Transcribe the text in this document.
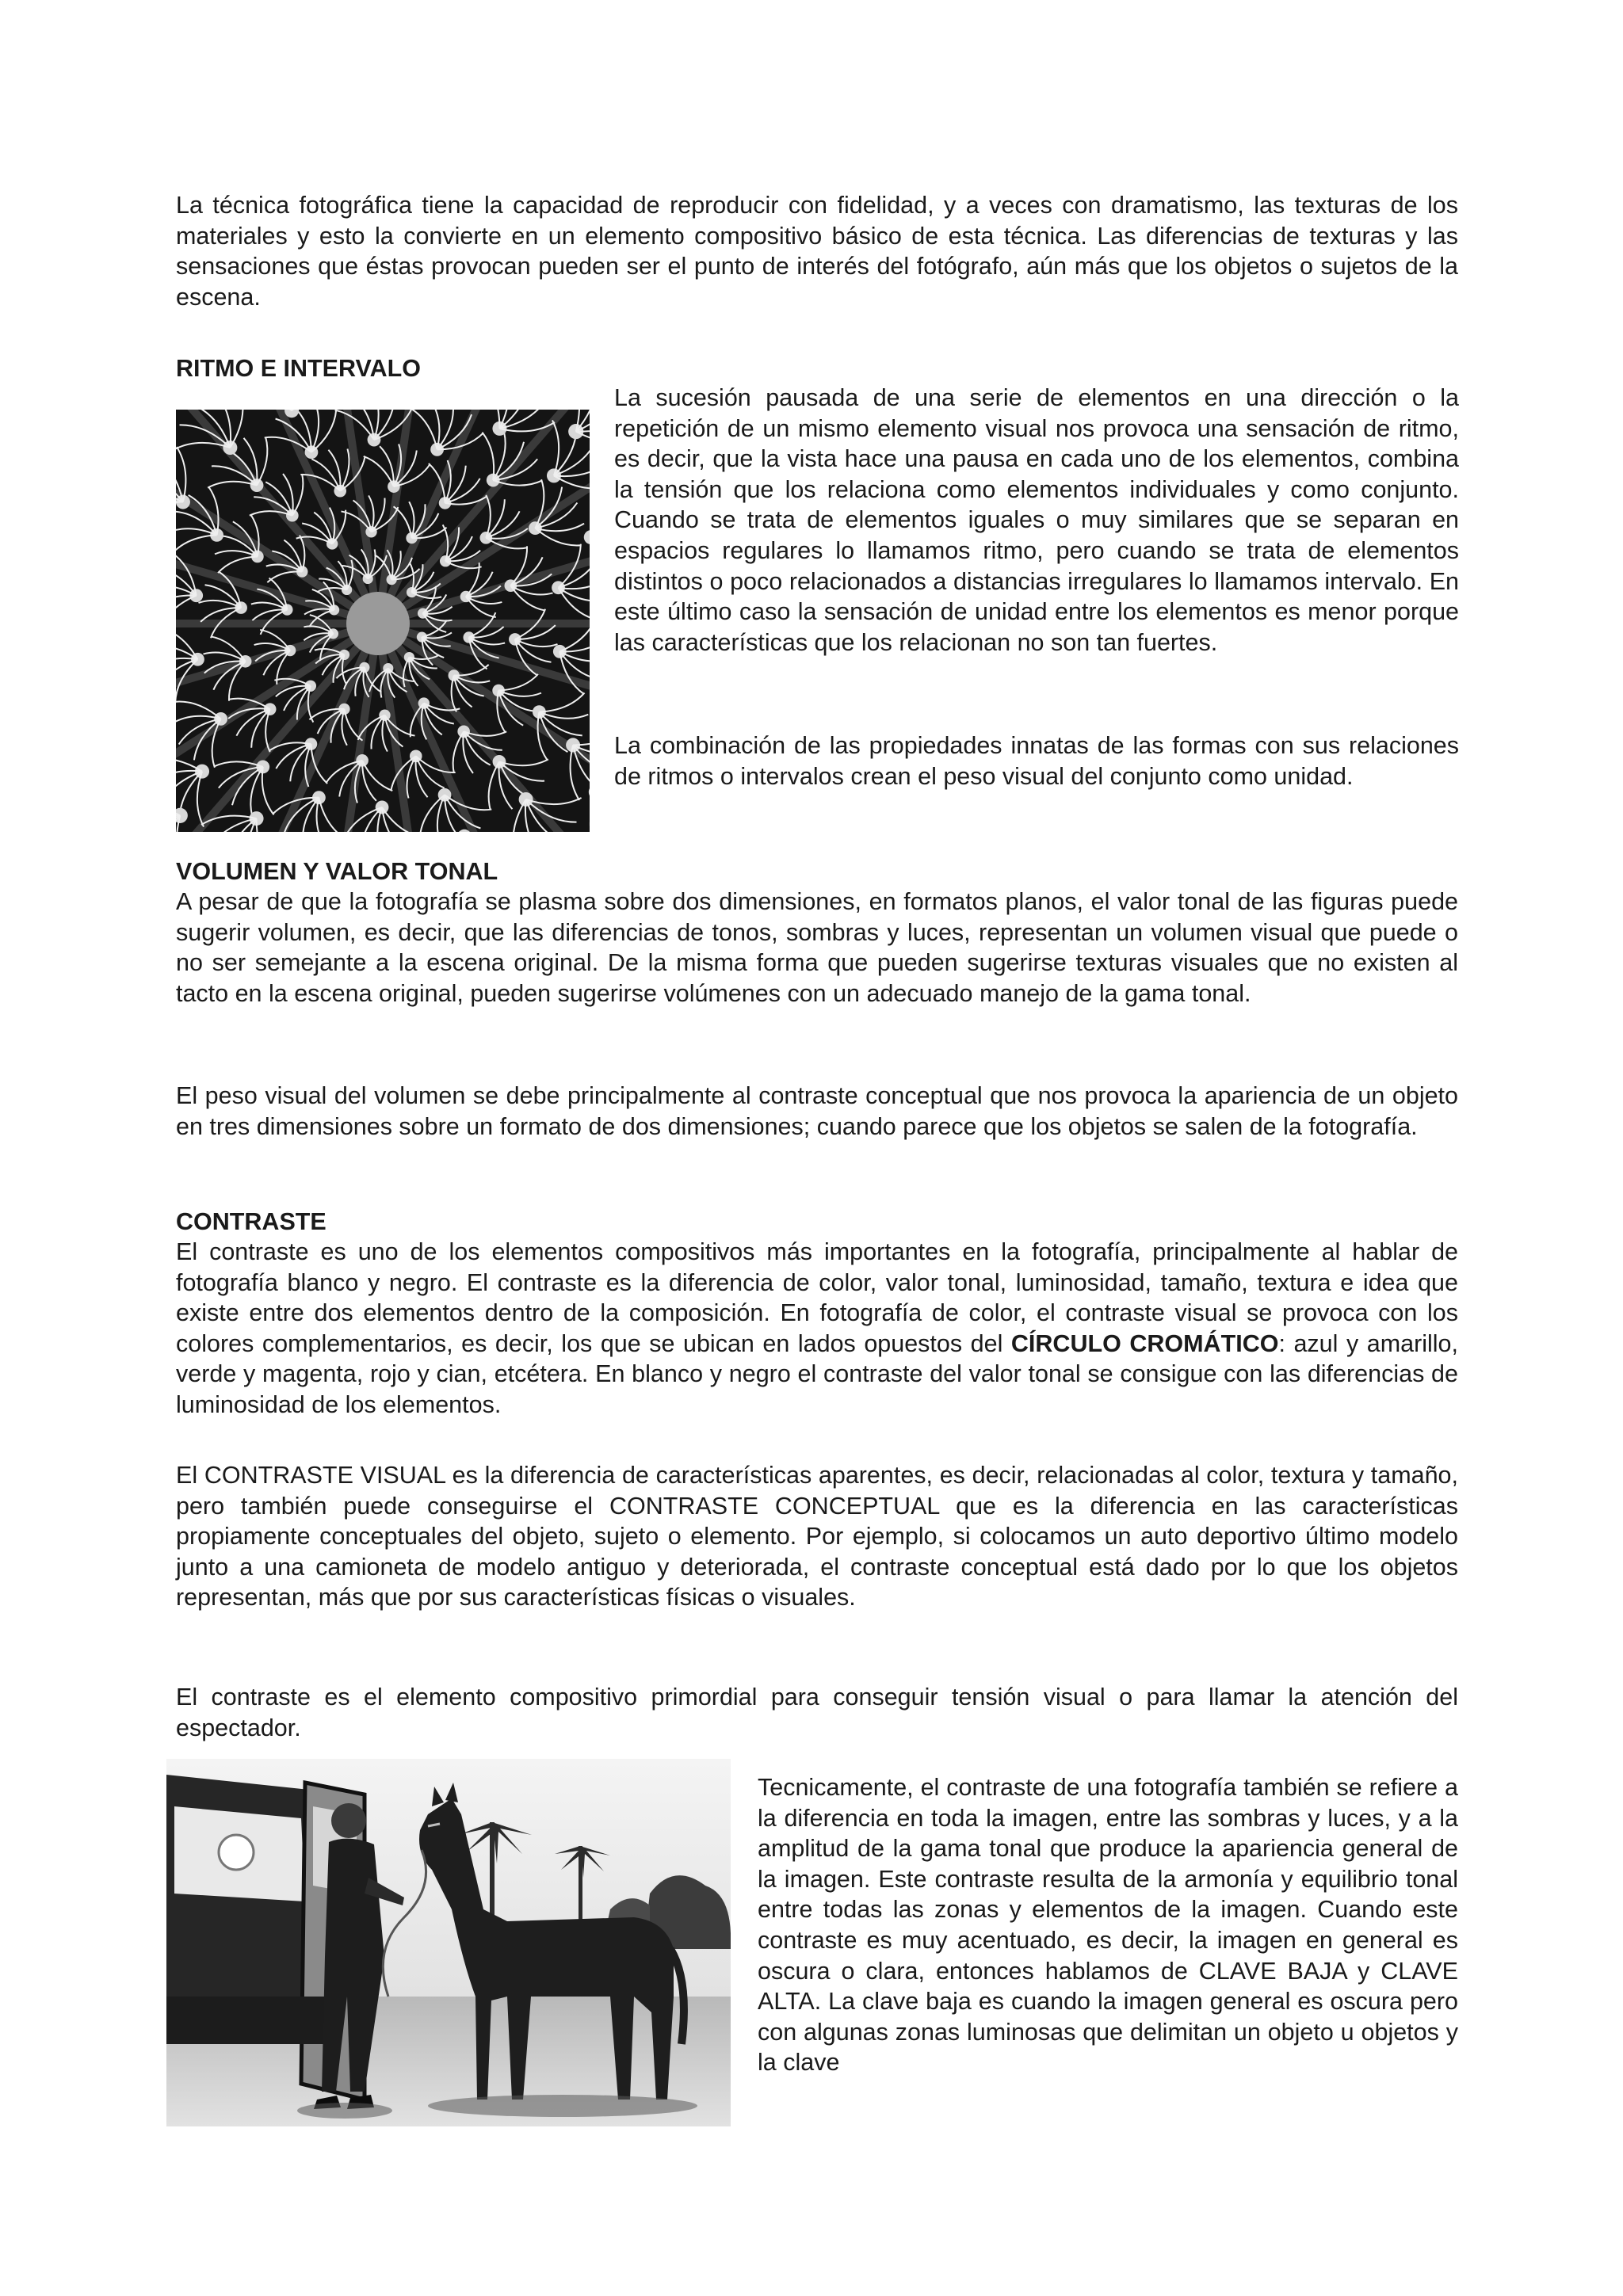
La técnica fotográfica tiene la capacidad de reproducir con fidelidad, y a veces con dramatismo, las texturas de los materiales y esto la convierte en un elemento compositivo básico de esta técnica. Las diferencias de texturas y las sensaciones que éstas provocan pueden ser el punto de interés del fotógrafo, aún más que los objetos o sujetos de la escena.

RITMO E INTERVALO

La sucesión pausada de una serie de elementos en una dirección o la repetición de un mismo elemento visual nos provoca una sensación de ritmo, es decir, que la vista hace una pausa en cada uno de los elementos, combina la tensión que los relaciona como elementos individuales y como conjunto. Cuando se trata de elementos iguales o muy similares que se separan en espacios regulares lo llamamos ritmo, pero cuando se trata de elementos distintos o poco relacionados a distancias irregulares lo llamamos intervalo. En este último caso la sensación de unidad entre los elementos es menor porque las características que los relacionan no son tan fuertes.

La combinación de las propiedades innatas de las formas con sus relaciones de ritmos o intervalos crean el peso visual del conjunto como unidad.

VOLUMEN Y VALOR TONAL

A pesar de que la fotografía se plasma sobre dos dimensiones, en formatos planos, el valor tonal de las figuras puede sugerir volumen, es decir, que las diferencias de tonos, sombras y luces, representan un volumen visual que puede o no ser semejante a la escena original. De la misma forma que pueden sugerirse texturas visuales que no existen al tacto en la escena original, pueden sugerirse volúmenes con un adecuado manejo de la gama tonal.

El peso visual del volumen se debe principalmente al contraste conceptual que nos provoca la apariencia de un objeto en tres dimensiones sobre un formato de dos dimensiones; cuando parece que los objetos se salen de la fotografía.

CONTRASTE

El contraste es uno de los elementos compositivos más importantes en la fotografía, principalmente al hablar de fotografía blanco y negro. El contraste es la diferencia de color, valor tonal, luminosidad, tamaño, textura e idea que existe entre dos elementos dentro de la composición. En fotografía de color, el contraste visual se provoca con los colores complementarios, es decir, los que se ubican en lados opuestos del CÍRCULO CROMÁTICO: azul y amarillo, verde y magenta, rojo y cian, etcétera. En blanco y negro el contraste del valor tonal se consigue con las diferencias de luminosidad de los elementos.

El CONTRASTE VISUAL es la diferencia de características aparentes, es decir, relacionadas al color, textura y tamaño, pero también puede conseguirse el CONTRASTE CONCEPTUAL que es la diferencia en las características propiamente conceptuales del objeto, sujeto o elemento. Por ejemplo, si colocamos un auto deportivo último modelo junto a una camioneta de modelo antiguo y deteriorada, el contraste conceptual está dado por lo que los objetos representan, más que por sus características físicas o visuales.

El contraste es el elemento compositivo primordial para conseguir tensión visual o para llamar la atención del espectador.

Tecnicamente, el contraste de una fotografía también se refiere a la diferencia en toda la imagen, entre las sombras y luces, y a la amplitud de la gama tonal que produce la apariencia general de la imagen. Este contraste resulta de la armonía y equilibrio tonal entre todas las zonas y elementos de la imagen. Cuando este contraste es muy acentuado, es decir, la imagen en general es oscura o clara, entonces hablamos de CLAVE BAJA y CLAVE ALTA. La clave baja es cuando la imagen general es oscura pero con algunas zonas luminosas que delimitan un objeto u objetos y la clave
